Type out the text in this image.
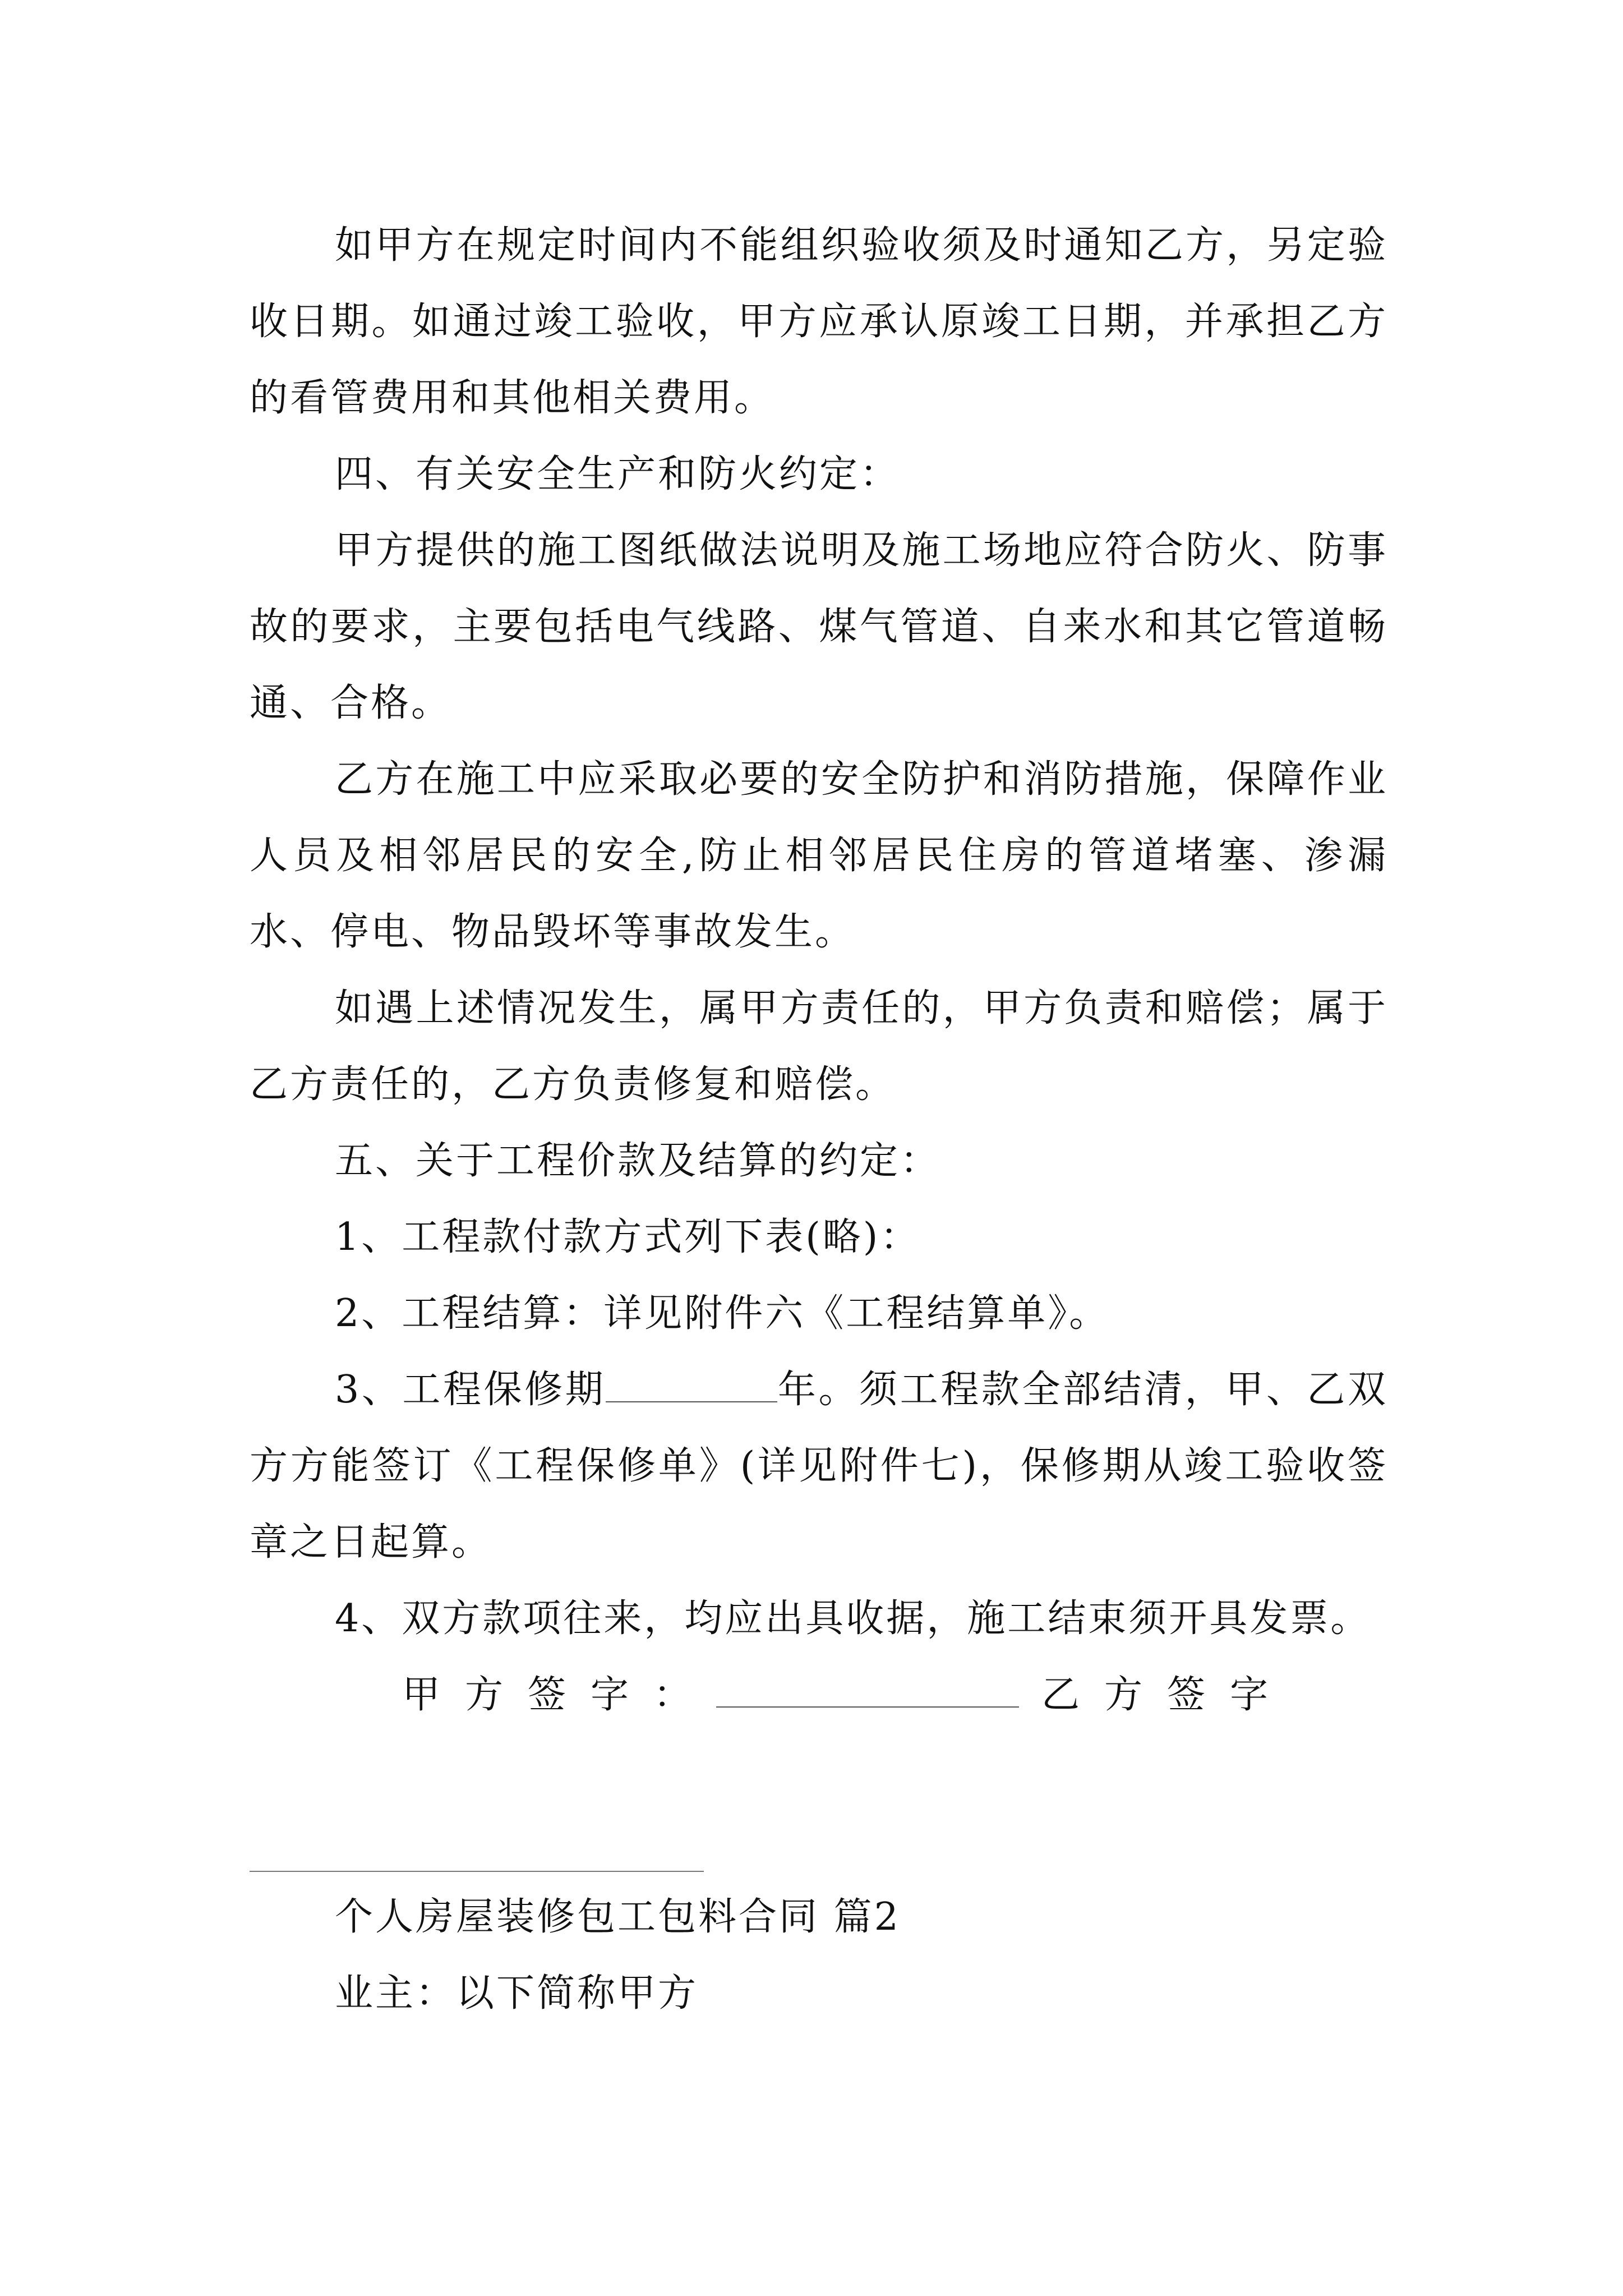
如甲方在规定时间内不能组织验收须及时通知乙方，另定验收日期。如通过竣工验收，甲方应承认原竣工日期，并承担乙方的看管费用和其他相关费用。

四、有关安全生产和防火约定：

甲方提供的施工图纸做法说明及施工场地应符合防火、防事故的要求，主要包括电气线路、煤气管道、自来水和其它管道畅通、合格。

乙方在施工中应采取必要的安全防护和消防措施，保障作业人员及相邻居民的安全,防止相邻居民住房的管道堵塞、渗漏水、停电、物品毁坏等事故发生。

如遇上述情况发生，属甲方责任的，甲方负责和赔偿；属于乙方责任的，乙方负责修复和赔偿。

五、关于工程价款及结算的约定：

1、工程款付款方式列下表(略)：

2、工程结算：详见附件六《工程结算单》。

3、工程保修期	年。须工程款全部结清，甲、乙双方方能签订《工程保修单》(详见附件七)，保修期从竣工验收签章之日起算。

4、双方款项往来，均应出具收据，施工结束须开具发票。

甲方签字：	乙方签字

个人房屋装修包工包料合同 篇2

业主：以下简称甲方
